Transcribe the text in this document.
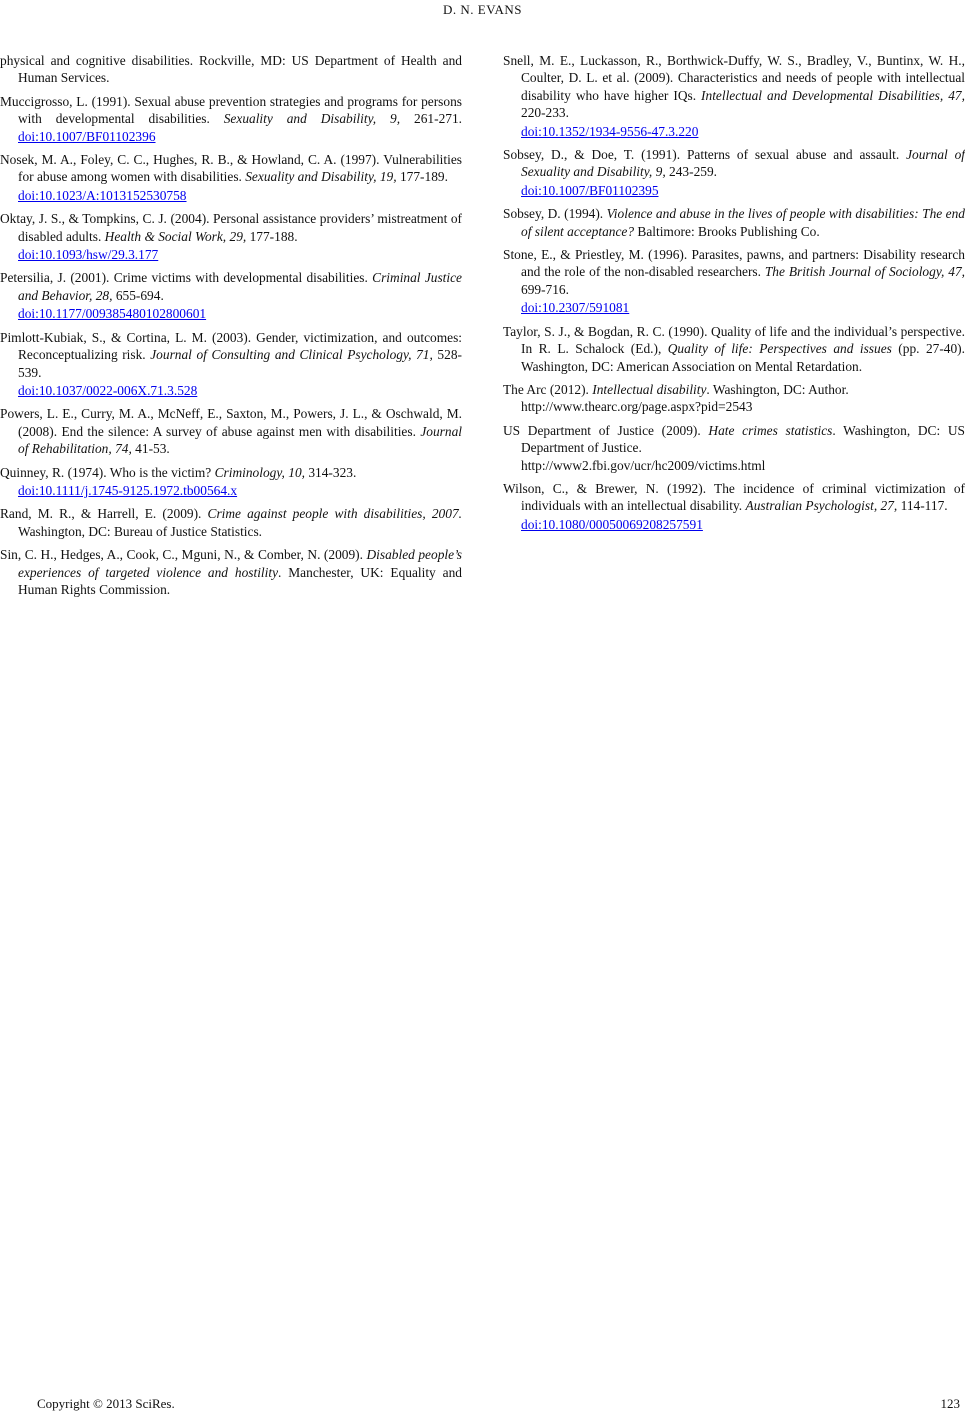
D. N. EVANS

physical and cognitive disabilities. Rockville, MD: US Department of Health and Human Services.

Muccigrosso, L. (1991). Sexual abuse prevention strategies and programs for persons with developmental disabilities. Sexuality and Disability, 9, 261-271. doi:10.1007/BF01102396

Nosek, M. A., Foley, C. C., Hughes, R. B., & Howland, C. A. (1997). Vulnerabilities for abuse among women with disabilities. Sexuality and Disability, 19, 177-189.
doi:10.1023/A:1013152530758

Oktay, J. S., & Tompkins, C. J. (2004). Personal assistance providers’ mistreatment of disabled adults. Health & Social Work, 29, 177-188.
doi:10.1093/hsw/29.3.177

Petersilia, J. (2001). Crime victims with developmental disabilities. Criminal Justice and Behavior, 28, 655-694.
doi:10.1177/009385480102800601

Pimlott-Kubiak, S., & Cortina, L. M. (2003). Gender, victimization, and outcomes: Reconceptualizing risk. Journal of Consulting and Clinical Psychology, 71, 528-539.
doi:10.1037/0022-006X.71.3.528

Powers, L. E., Curry, M. A., McNeff, E., Saxton, M., Powers, J. L., & Oschwald, M. (2008). End the silence: A survey of abuse against men with disabilities. Journal of Rehabilitation, 74, 41-53.

Quinney, R. (1974). Who is the victim? Criminology, 10, 314-323.
doi:10.1111/j.1745-9125.1972.tb00564.x

Rand, M. R., & Harrell, E. (2009). Crime against people with disabilities, 2007. Washington, DC: Bureau of Justice Statistics.

Sin, C. H., Hedges, A., Cook, C., Mguni, N., & Comber, N. (2009). Disabled people’s experiences of targeted violence and hostility. Manchester, UK: Equality and Human Rights Commission.

Snell, M. E., Luckasson, R., Borthwick-Duffy, W. S., Bradley, V., Buntinx, W. H., Coulter, D. L. et al. (2009). Characteristics and needs of people with intellectual disability who have higher IQs. Intellectual and Developmental Disabilities, 47, 220-233.
doi:10.1352/1934-9556-47.3.220

Sobsey, D., & Doe, T. (1991). Patterns of sexual abuse and assault. Journal of Sexuality and Disability, 9, 243-259.
doi:10.1007/BF01102395

Sobsey, D. (1994). Violence and abuse in the lives of people with disabilities: The end of silent acceptance? Baltimore: Brooks Publishing Co.

Stone, E., & Priestley, M. (1996). Parasites, pawns, and partners: Disability research and the role of the non-disabled researchers. The British Journal of Sociology, 47, 699-716.
doi:10.2307/591081

Taylor, S. J., & Bogdan, R. C. (1990). Quality of life and the individual’s perspective. In R. L. Schalock (Ed.), Quality of life: Perspectives and issues (pp. 27-40). Washington, DC: American Association on Mental Retardation.

The Arc (2012). Intellectual disability. Washington, DC: Author.
http://www.thearc.org/page.aspx?pid=2543

US Department of Justice (2009). Hate crimes statistics. Washington, DC: US Department of Justice.
http://www2.fbi.gov/ucr/hc2009/victims.html

Wilson, C., & Brewer, N. (1992). The incidence of criminal victimization of individuals with an intellectual disability. Australian Psychologist, 27, 114-117.
doi:10.1080/00050069208257591

Copyright © 2013 SciRes.	123
